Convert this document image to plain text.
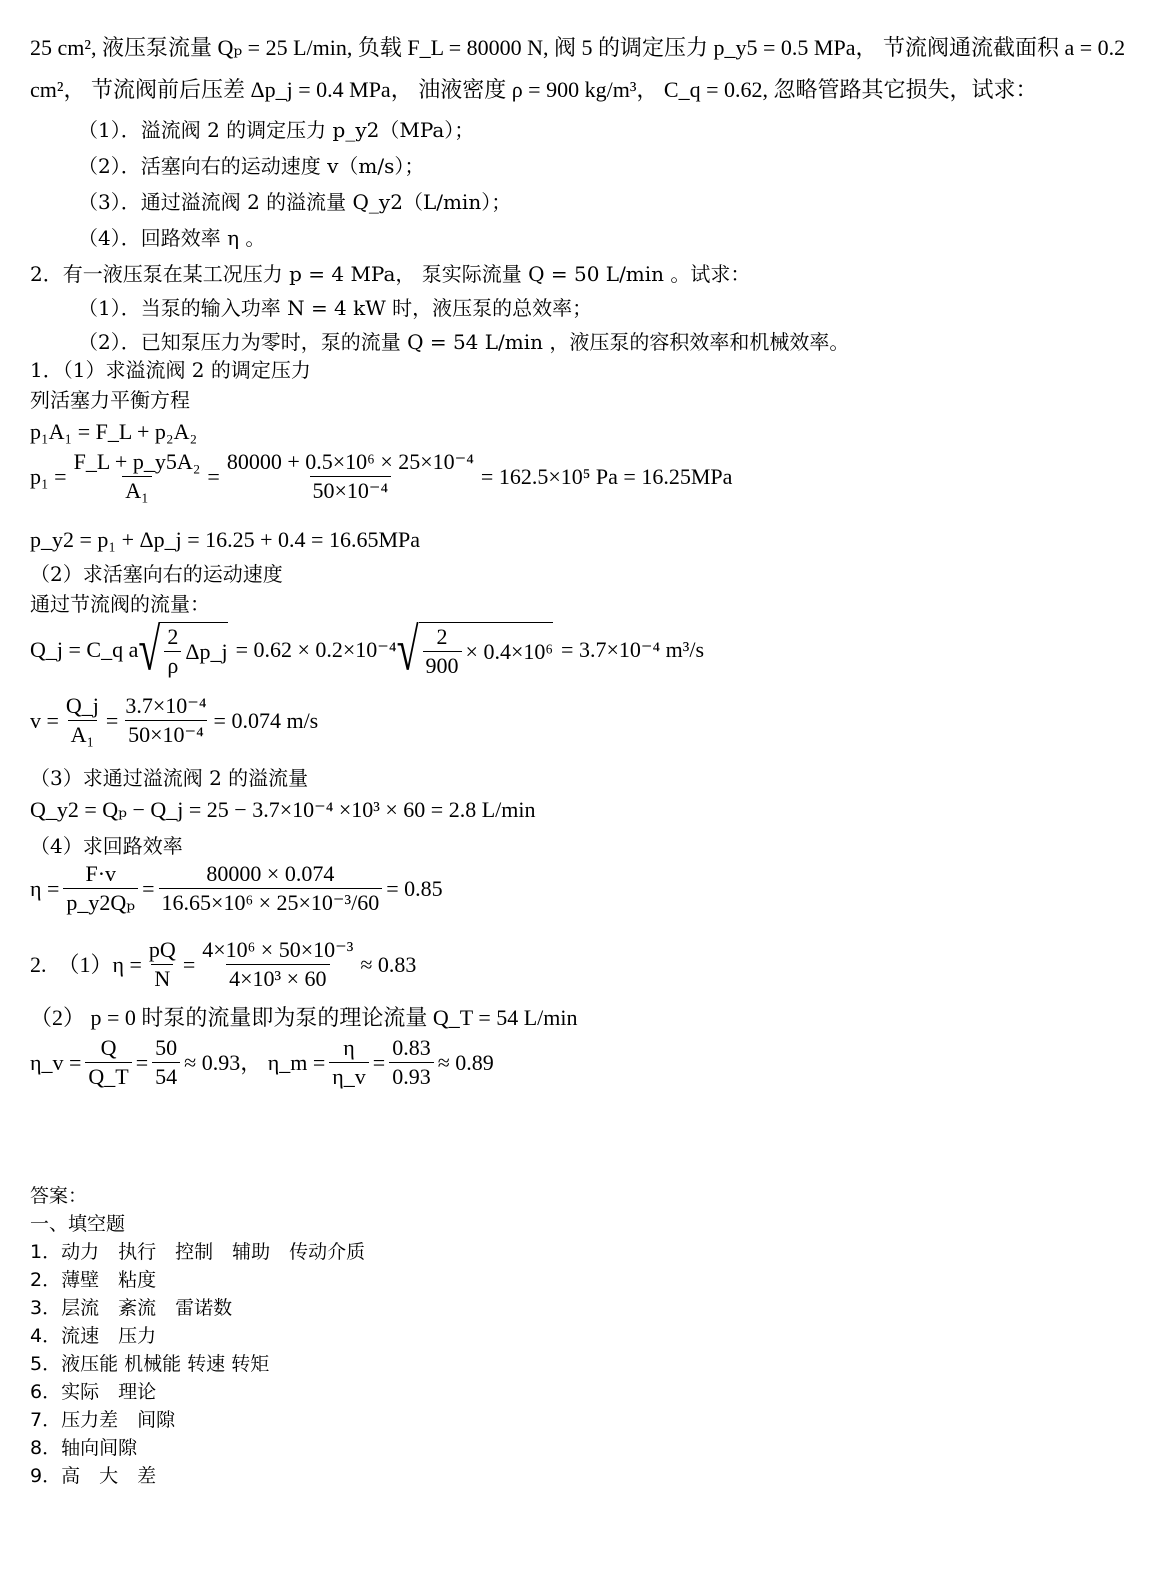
25 cm², 液压泵流量 Qₚ = 25 L/min, 负载 F_L = 80000 N, 阀 5 的调定压力 p_y5 = 0.5 MPa， 节流阀通流截面积 a = 0.2
cm²， 节流阀前后压差 Δp_j = 0.4 MPa， 油液密度 ρ = 900 kg/m³， C_q = 0.62, 忽略管路其它损失，试求：
（1）．溢流阀 2 的调定压力 p_y2（MPa）；
（2）．活塞向右的运动速度 v（m/s）；
（3）．通过溢流阀 2 的溢流量 Q_y2（L/min）；
（4）．回路效率 η 。
2．有一液压泵在某工况压力 p = 4 MPa， 泵实际流量 Q = 50 L/min 。试求：
（1）．当泵的输入功率 N = 4 kW 时，液压泵的总效率；
（2）．已知泵压力为零时，泵的流量 Q = 54 L/min ，液压泵的容积效率和机械效率。
1．（1）求溢流阀 2 的调定压力
列活塞力平衡方程
p₁A₁ = F_L + p₂A₂
$p_1 = \frac{\text{F\_L + p\_y5A₂}}{\text{A₁}} = \frac{\text{80000 + 0.5×10⁶ × 25×10⁻⁴}}{\text{50×10⁻⁴}} = 162.5\times 10^5$ Pa = 16.25MPa
p_y2 = p₁ + Δp_j = 16.25 + 0.4 = 16.65MPa
（2）求活塞向右的运动速度
通过节流阀的流量：
Q_j = C_q a √ $\frac{2}{\rho}$ Δp_j = 0.62 × 0.2×10⁻⁴ √ $\frac{2}{900} \times 0.4\times 10^6 = 3.7\times 10^{-4}$ m³/s
$v = \frac{Q\_j}{\text{A₁}} = \frac{\text{3.7×10⁻⁴}}{\text{50×10⁻⁴}} = 0.074$ m/s
（3）求通过溢流阀 2 的溢流量
Q_y2 = Qₚ − Q_j = 25 − 3.7×10⁻⁴ ×10³ × 60 = 2.8 L/min
（4）求回路效率
$\eta = \frac{F\cdot v}{\text{p\_y2Qₚ}} = \frac{80000 \times 0.074}{\text{16.65×10⁶ × 25×10⁻³/60}} = 0.85$
2.　$(1)\eta = \frac{pQ}{N} = \frac{\text{4×10⁶ × 50×10⁻³}}{\text{4×10³ × 60}} \approx 0.83$
（2） p = 0 时泵的流量即为泵的理论流量 Q_T = 54 L/min
η_v = $\frac{Q}{Q\_T} = \frac{50}{54} \approx 0.93$， η_m = $\frac{\eta}{\eta\_v} = \frac{0.83}{0.93} \approx 0.89$
答案：
一、填空题
1．动力　执行　控制　辅助　传动介质
2．薄壁　粘度
3．层流　紊流　雷诺数
4．流速　压力
5．液压能 机械能 转速 转矩
6．实际　理论
7．压力差　间隙
8．轴向间隙
9．高　大　差
